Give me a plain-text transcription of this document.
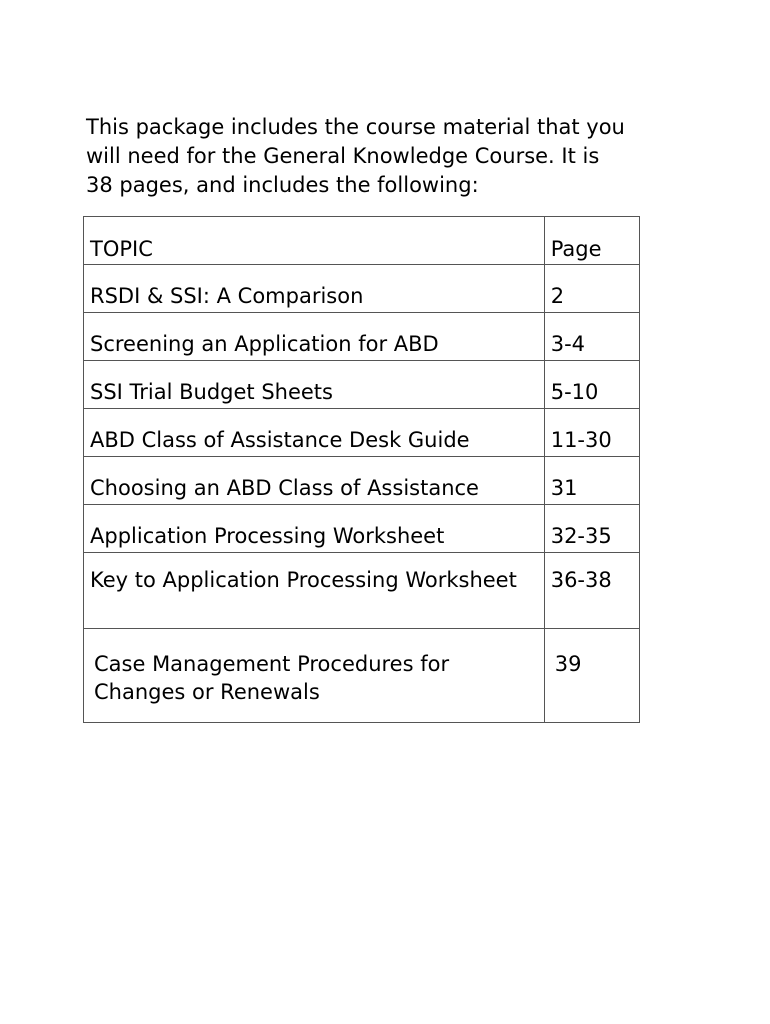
This package includes the course material that you
will need for the General Knowledge Course. It is
38 pages, and includes the following:

TOPIC	Page
RSDI & SSI: A Comparison	2
Screening an Application for ABD	3-4
SSI Trial Budget Sheets	5-10
ABD Class of Assistance Desk Guide	11-30
Choosing an ABD Class of Assistance	31
Application Processing Worksheet	32-35
Key to Application Processing Worksheet	36-38
Case Management Procedures for Changes or Renewals	39
